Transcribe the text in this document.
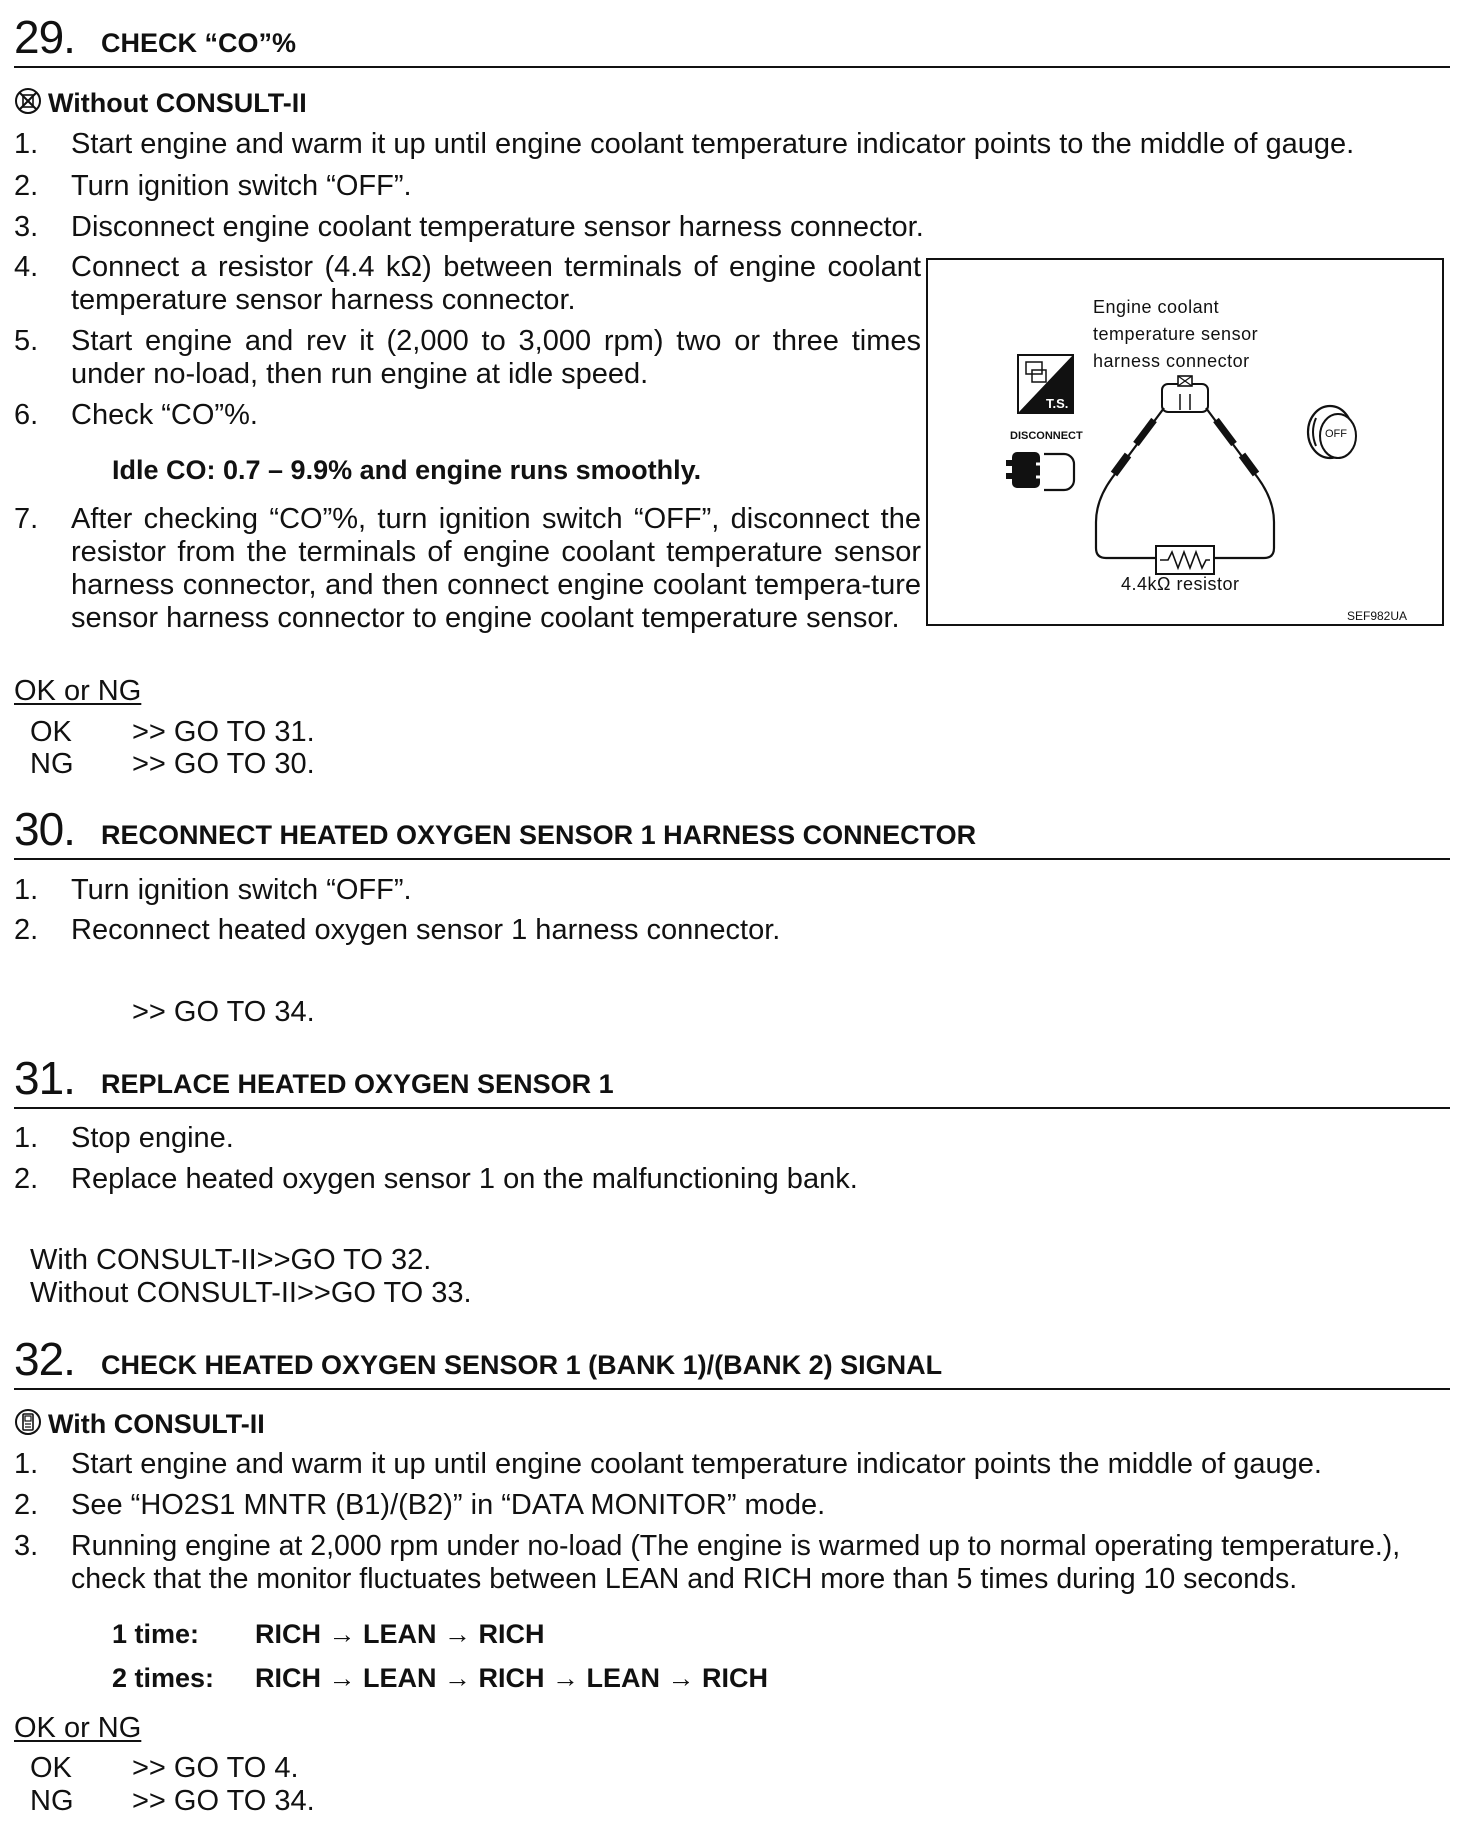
29. CHECK “CO”%
Without CONSULT-II
1. Start engine and warm it up until engine coolant temperature indicator points to the middle of gauge.
2. Turn ignition switch “OFF”.
3. Disconnect engine coolant temperature sensor harness connector.
4. Connect a resistor (4.4 kΩ) between terminals of engine coolant temperature sensor harness connector.
5. Start engine and rev it (2,000 to 3,000 rpm) two or three times under no-load, then run engine at idle speed.
6. Check “CO”%.
Idle CO: 0.7 – 9.9% and engine runs smoothly.
7. After checking “CO”%, turn ignition switch “OFF”, disconnect the resistor from the terminals of engine coolant temperature sensor harness connector, and then connect engine coolant tempera-ture sensor harness connector to engine coolant temperature sensor.
OK or NG
OK >> GO TO 31.
NG >> GO TO 30.
Engine coolant temperature sensor harness connector
4.4kΩ resistor
SEF982UA
T.S.
DISCONNECT	OFF
30. RECONNECT HEATED OXYGEN SENSOR 1 HARNESS CONNECTOR
1. Turn ignition switch “OFF”.
2. Reconnect heated oxygen sensor 1 harness connector.
>> GO TO 34.
31. REPLACE HEATED OXYGEN SENSOR 1
1. Stop engine.
2. Replace heated oxygen sensor 1 on the malfunctioning bank.
With CONSULT-II>>GO TO 32.
Without CONSULT-II>>GO TO 33.
32. CHECK HEATED OXYGEN SENSOR 1 (BANK 1)/(BANK 2) SIGNAL
With CONSULT-II
1. Start engine and warm it up until engine coolant temperature indicator points the middle of gauge.
2. See “HO2S1 MNTR (B1)/(B2)” in “DATA MONITOR” mode.
3. Running engine at 2,000 rpm under no-load (The engine is warmed up to normal operating temperature.), check that the monitor fluctuates between LEAN and RICH more than 5 times during 10 seconds.
1 time: RICH → LEAN → RICH
2 times: RICH → LEAN → RICH → LEAN → RICH
OK or NG
OK >> GO TO 4.
NG >> GO TO 34.
